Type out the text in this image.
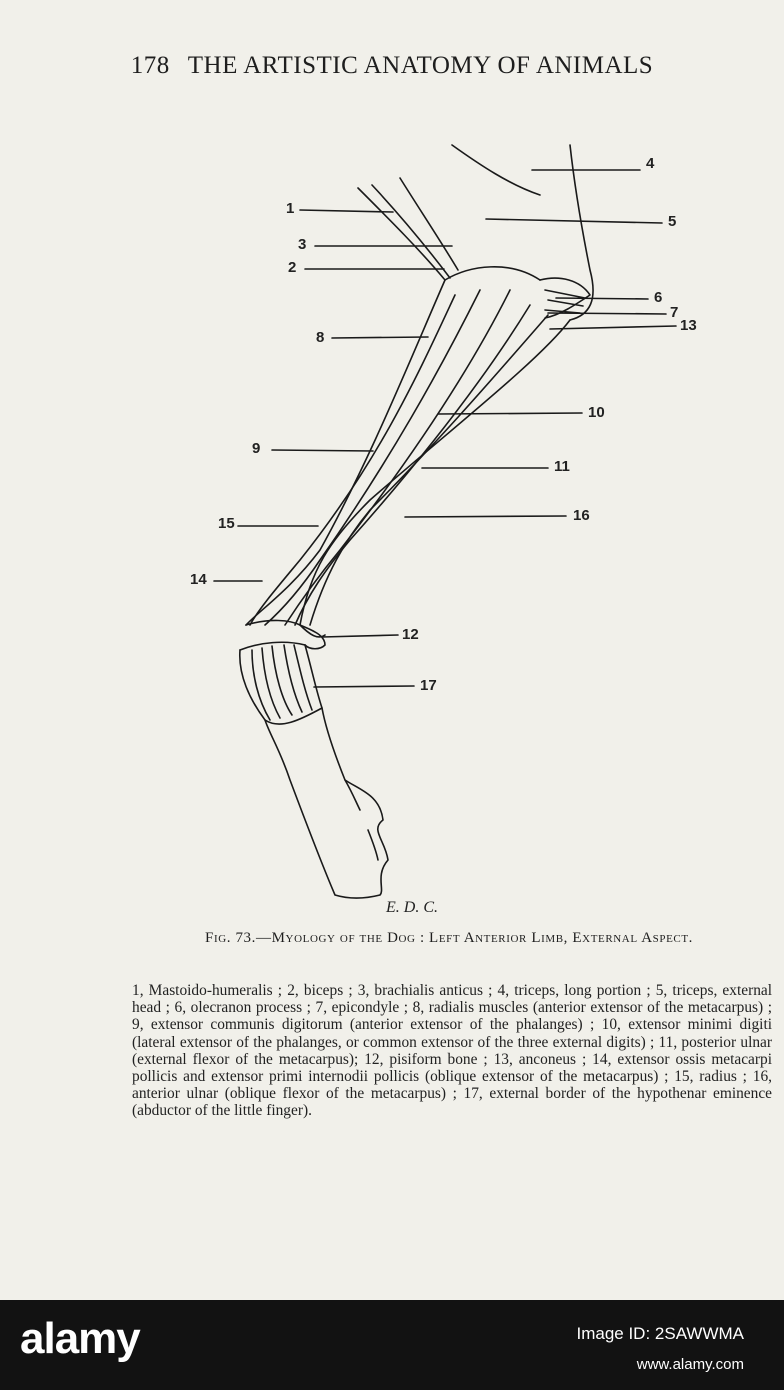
178 THE ARTISTIC ANATOMY OF ANIMALS
1
3
2
4
5
6
7
13
8
10
9
11
15	16
14
12
17
E. D. C.
Fig. 73.—Myology of the Dog : Left Anterior Limb, External Aspect.
1, Mastoido-humeralis ; 2, biceps ; 3, brachialis anticus ; 4, triceps, long portion ; 5, triceps, external head ; 6, olecranon process ; 7, epicondyle ; 8, radialis muscles (anterior extensor of the metacarpus) ; 9, extensor communis digitorum (anterior extensor of the phalanges) ; 10, extensor minimi digiti (lateral extensor of the phalanges, or common extensor of the three external digits) ; 11, posterior ulnar (external flexor of the metacarpus); 12, pisiform bone ; 13, anconeus ; 14, extensor ossis metacarpi pollicis and extensor primi internodii pollicis (oblique extensor of the metacarpus) ; 15, radius ; 16, anterior ulnar (oblique flexor of the metacarpus) ; 17, external border of the hypothenar eminence (abductor of the little finger).
alamy	Image ID: 2SAWWMA
www.alamy.com
